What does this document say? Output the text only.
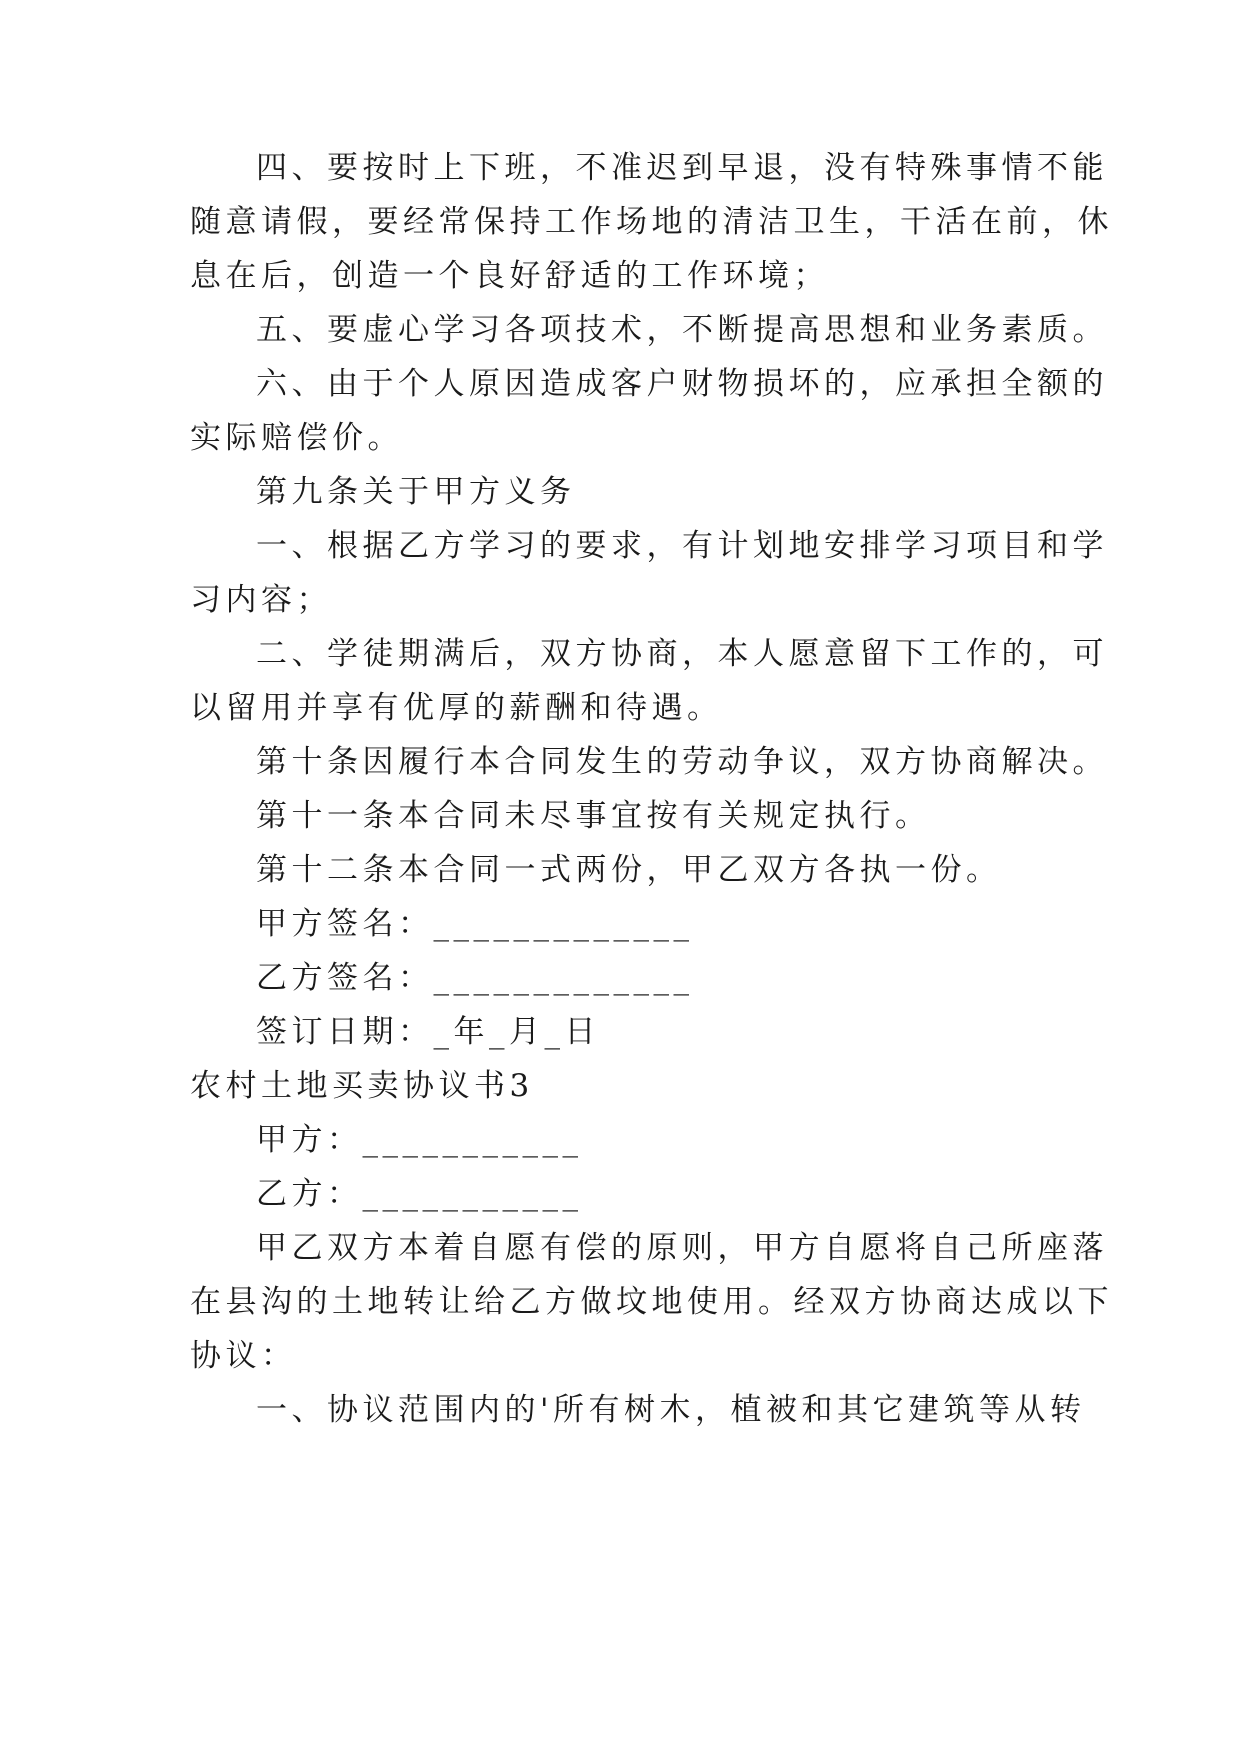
四、要按时上下班，不准迟到早退，没有特殊事情不能
随意请假，要经常保持工作场地的清洁卫生，干活在前，休
息在后，创造一个良好舒适的工作环境；
五、要虚心学习各项技术，不断提高思想和业务素质。
六、由于个人原因造成客户财物损坏的，应承担全额的
实际赔偿价。
第九条关于甲方义务
一、根据乙方学习的要求，有计划地安排学习项目和学
习内容；
二、学徒期满后，双方协商，本人愿意留下工作的，可
以留用并享有优厚的薪酬和待遇。
第十条因履行本合同发生的劳动争议，双方协商解决。
第十一条本合同未尽事宜按有关规定执行。
第十二条本合同一式两份，甲乙双方各执一份。
甲方签名：_____________
乙方签名：_____________
签订日期：_年_月_日
农村土地买卖协议书3
甲方：___________
乙方：___________
甲乙双方本着自愿有偿的原则，甲方自愿将自己所座落
在县沟的土地转让给乙方做坟地使用。经双方协商达成以下
协议：
一、协议范围内的'所有树木，植被和其它建筑等从转
